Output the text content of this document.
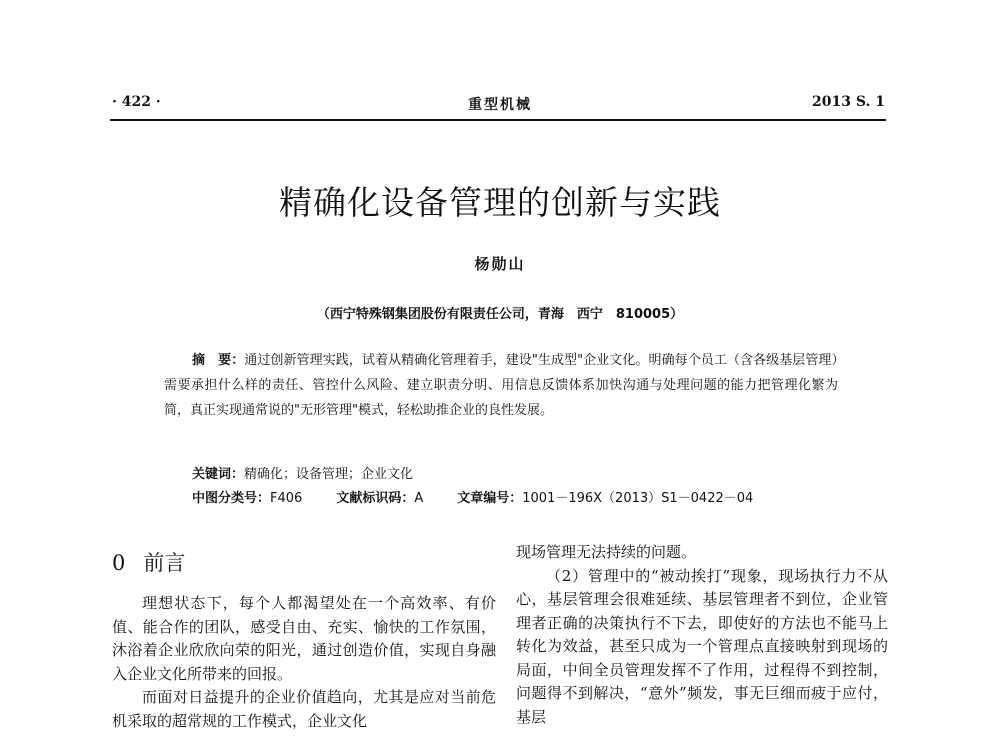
· 422 ·	重型机械	2013 S. 1
精确化设备管理的创新与实践
杨勋山
（西宁特殊钢集团股份有限责任公司，青海　西宁　810005）
摘　要：通过创新管理实践，试着从精确化管理着手，建设"生成型"企业文化。明确每个员工（含各级基层管理）需要承担什么样的责任、管控什么风险、建立职责分明、用信息反馈体系加快沟通与处理问题的能力把管理化繁为简，真正实现通常说的"无形管理"模式，轻松助推企业的良性发展。
关键词：精确化；设备管理；企业文化
中图分类号：F406	文献标识码：A	文章编号：1001－196X（2013）S1－0422－04
0 前言

理想状态下，每个人都渴望处在一个高效率、有价值、能合作的团队，感受自由、充实、愉快的工作氛围，沐浴着企业欣欣向荣的阳光，通过创造价值，实现自身融入企业文化所带来的回报。

而面对日益提升的企业价值趋向，尤其是应对当前危机采取的超常规的工作模式，企业文化

现场管理无法持续的问题。

（2）管理中的“被动挨打”现象，现场执行力不从心，基层管理会很难延续、基层管理者不到位，企业管理者正确的决策执行不下去，即使好的方法也不能马上转化为效益，甚至只成为一个管理点直接映射到现场的局面，中间全员管理发挥不了作用，过程得不到控制，问题得不到解决，“意外”频发，事无巨细而疲于应付，基层
